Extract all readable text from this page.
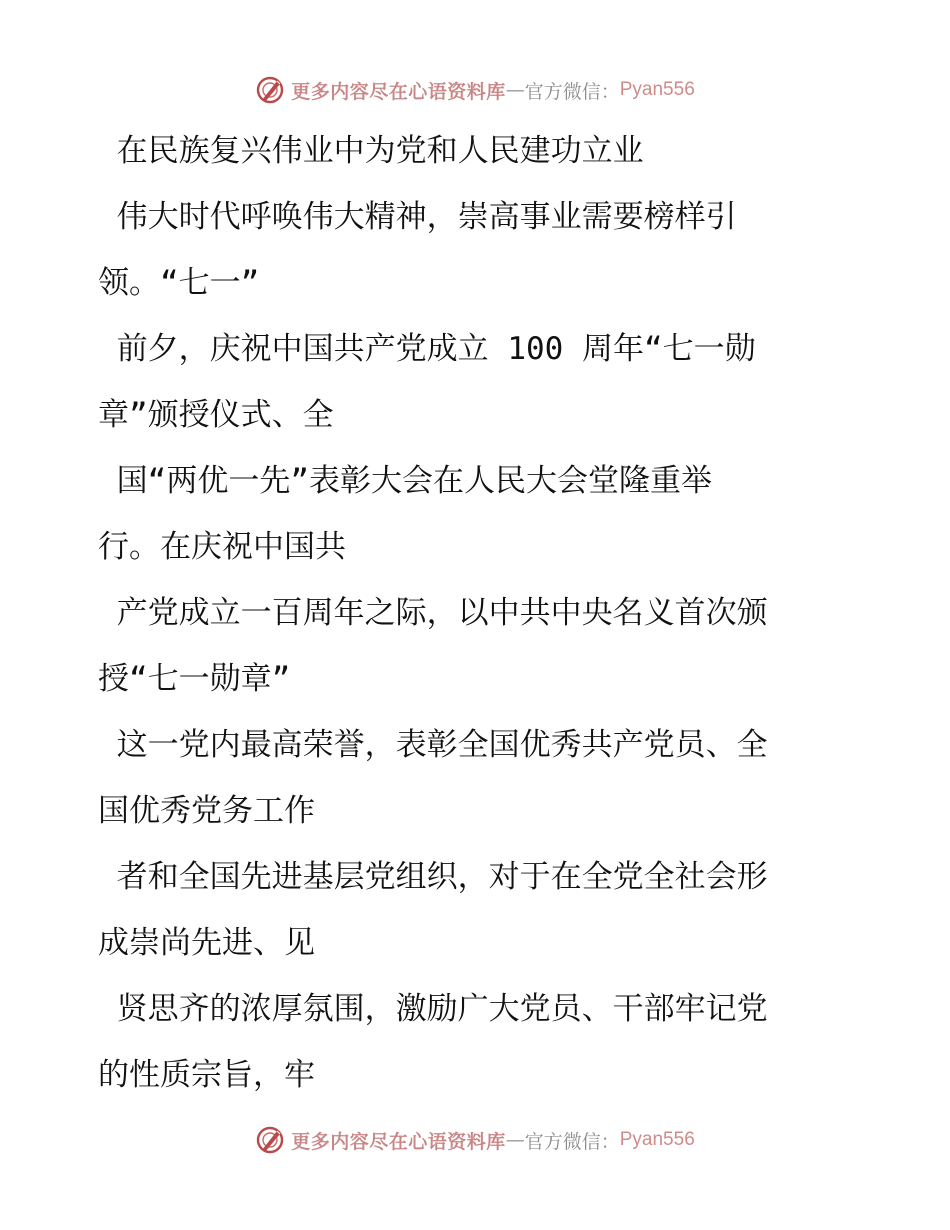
更多内容尽在心语资料库 — 官方微信： Pyan556

在民族复兴伟业中为党和人民建功立业

伟大时代呼唤伟大精神，崇高事业需要榜样引

领。“七一”

前夕，庆祝中国共产党成立 100 周年“七一勋

章”颁授仪式、全

国“两优一先”表彰大会在人民大会堂隆重举

行。在庆祝中国共

产党成立一百周年之际，以中共中央名义首次颁

授“七一勋章”

这一党内最高荣誉，表彰全国优秀共产党员、全

国优秀党务工作

者和全国先进基层党组织，对于在全党全社会形

成崇尚先进、见

贤思齐的浓厚氛围，激励广大党员、干部牢记党

的性质宗旨，牢

更多内容尽在心语资料库 — 官方微信： Pyan556
